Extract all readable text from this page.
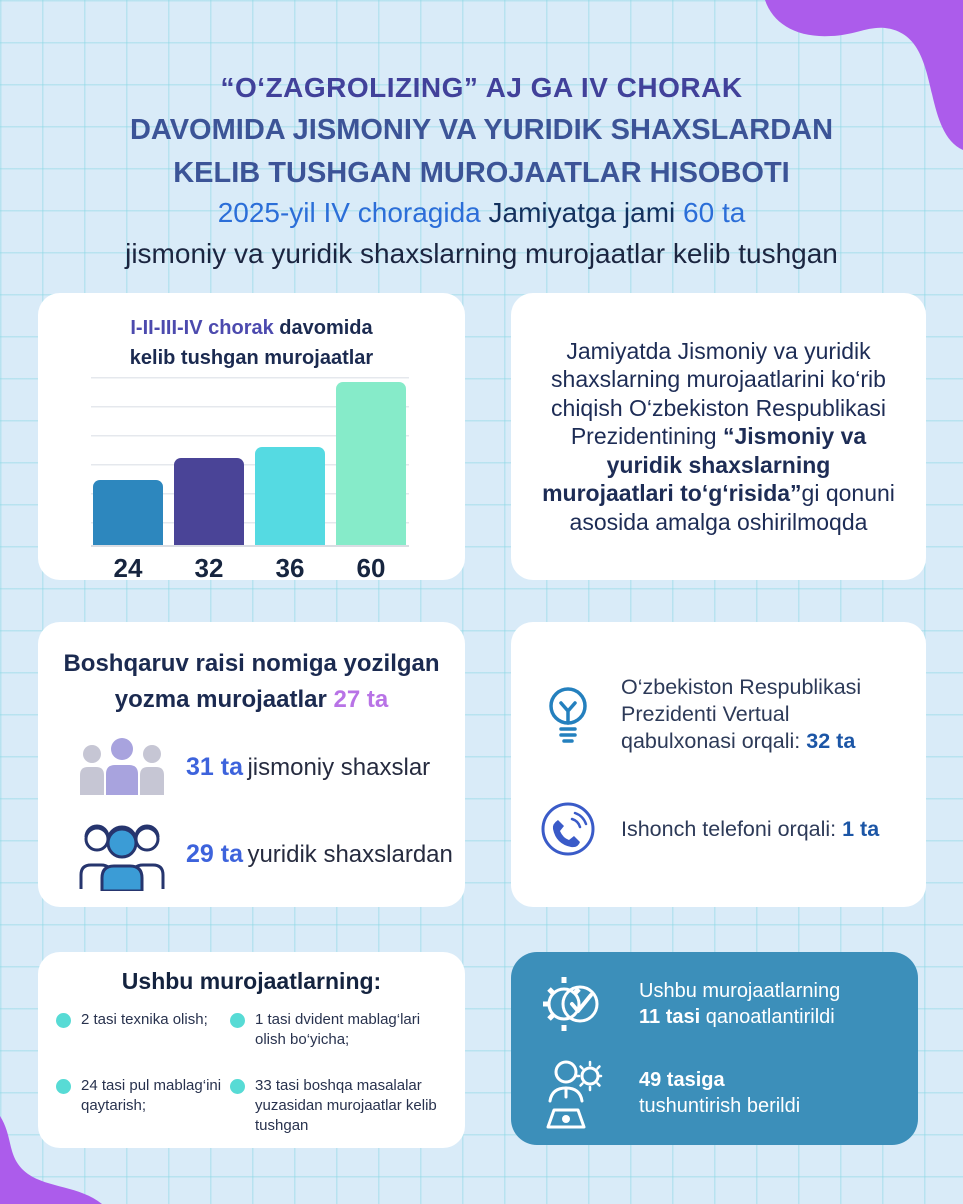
“O‘ZAGROLIZING” AJ GA IV CHORAK
DAVOMIDA JISMONIY VA YURIDIK SHAXSLARDAN
KELIB TUSHGAN MUROJAATLAR HISOBOTI
2025-yil IV choragida Jamiyatga jami 60 ta
jismoniy va yuridik shaxslarning murojaatlar kelib tushgan
I-II-III-IV chorak davomida
kelib tushgan murojaatlar
24	32	36	60
Jamiyatda Jismoniy va yuridik shaxslarning murojaatlarini ko‘rib chiqish O‘zbekiston Respublikasi Prezidentining “Jismoniy va yuridik shaxslarning murojaatlari to‘g‘risida”gi qonuni asosida amalga oshirilmoqda
Boshqaruv raisi nomiga yozilgan yozma murojaatlar 27 ta
31 ta jismoniy shaxslar
29 ta yuridik shaxslardan
O‘zbekiston Respublikasi Prezidenti Vertual qabulxonasi orqali: 32 ta
Ishonch telefoni orqali: 1 ta
Ushbu murojaatlarning:
2 tasi texnika olish;	1 tasi dvident mablag‘lari olish bo‘yicha;
24 tasi pul mablag‘ini qaytarish;
33 tasi boshqa masalalar yuzasidan murojaatlar kelib tushgan
Ushbu murojaatlarning
11 tasi qanoatlantirildi
49 tasiga
tushuntirish berildi
